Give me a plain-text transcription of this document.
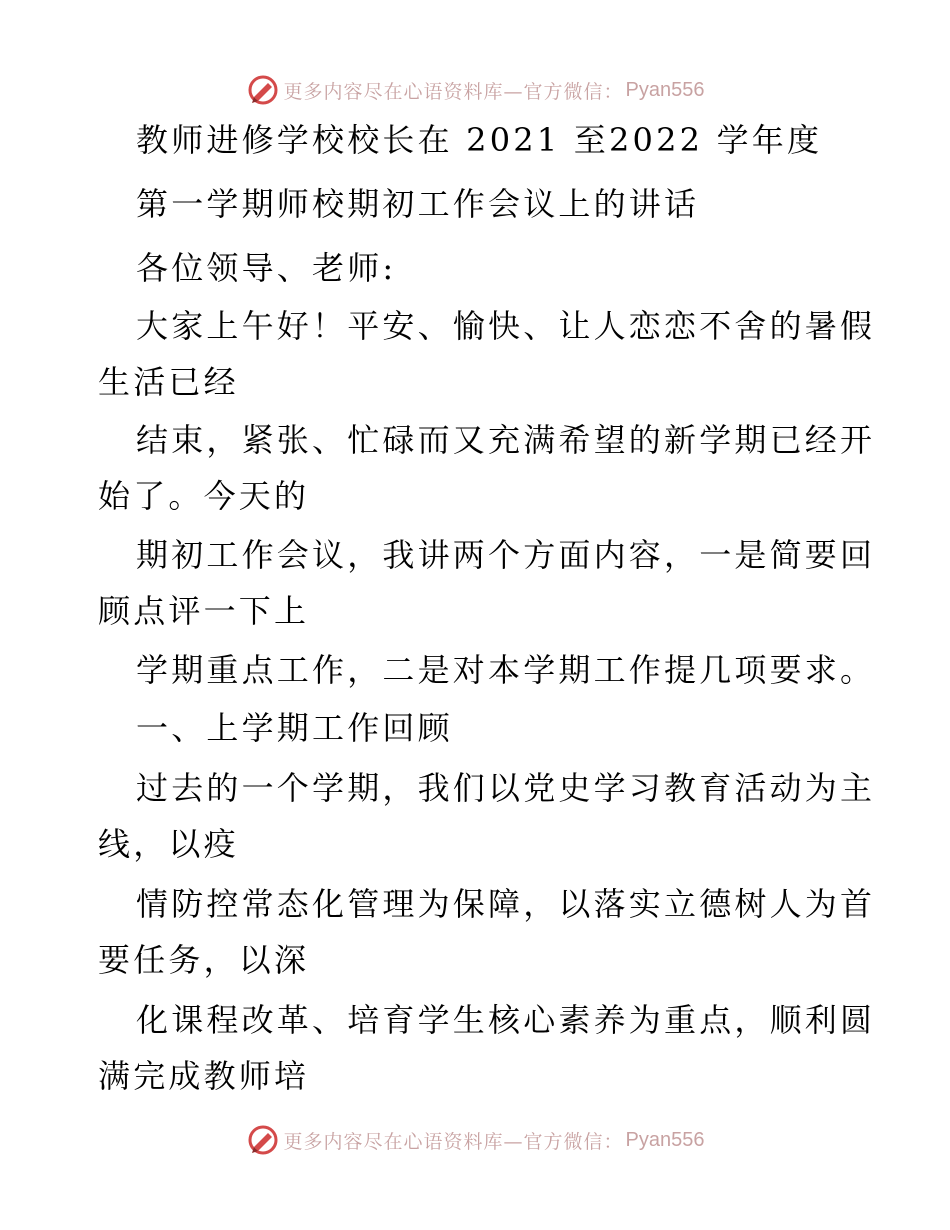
更多内容尽在心语资料库—官方微信： Pyan556
教师进修学校校长在 2021 至2022 学年度
第一学期师校期初工作会议上的讲话
各位领导、老师:
大家上午好！平安、愉快、让人恋恋不舍的暑假
生活已经
结束，紧张、忙碌而又充满希望的新学期已经开
始了。今天的
期初工作会议，我讲两个方面内容，一是简要回
顾点评一下上
学期重点工作，二是对本学期工作提几项要求。
一、上学期工作回顾
过去的一个学期，我们以党史学习教育活动为主
线，以疫
情防控常态化管理为保障，以落实立德树人为首
要任务，以深
化课程改革、培育学生核心素养为重点，顺利圆
满完成教师培
更多内容尽在心语资料库—官方微信： Pyan556
